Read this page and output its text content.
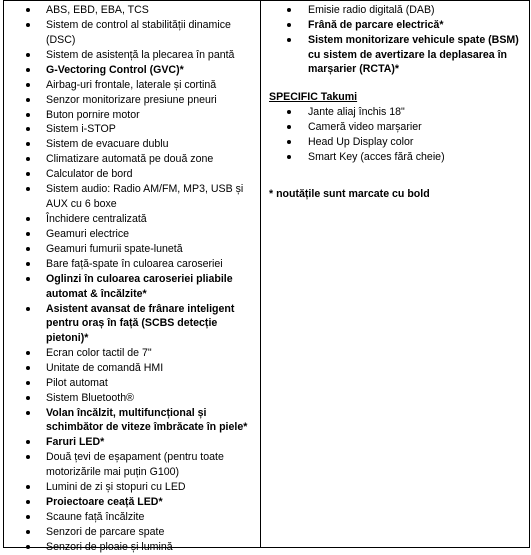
ABS, EBD, EBA, TCS
Sistem de control al stabilității dinamice (DSC)
Sistem de asistență la plecarea în pantă
G-Vectoring Control (GVC)*
Airbag-uri frontale, laterale și cortină
Senzor monitorizare presiune pneuri
Buton pornire motor
Sistem i-STOP
Sistem de evacuare dublu
Climatizare automată pe două zone
Calculator de bord
Sistem audio: Radio AM/FM, MP3, USB și AUX cu 6 boxe
Închidere centralizată
Geamuri electrice
Geamuri fumurii spate-lunetă
Bare față-spate în culoarea caroseriei
Oglinzi în culoarea caroseriei pliabile automat & încălzite*
Asistent avansat de frânare inteligent pentru oraș în față (SCBS detecție pietoni)*
Ecran color tactil de 7"
Unitate de comandă HMI
Pilot automat
Sistem Bluetooth®
Volan încălzit, multifuncțional și schimbător de viteze îmbrăcate în piele*
Faruri LED*
Două țevi de eșapament (pentru toate motorizările mai puțin G100)
Lumini de zi și stopuri cu LED
Proiectoare ceață LED*
Scaune față încălzite
Senzori de parcare spate
Senzori de ploaie și lumină
Emisie radio digitală (DAB)
Frână de parcare electrică*
Sistem monitorizare vehicule spate (BSM) cu sistem de avertizare la deplasarea în marșarier (RCTA)*
SPECIFIC Takumi
Jante aliaj închis 18"
Cameră video marșarier
Head Up Display color
Smart Key (acces fără cheie)
* noutățile sunt marcate cu bold
